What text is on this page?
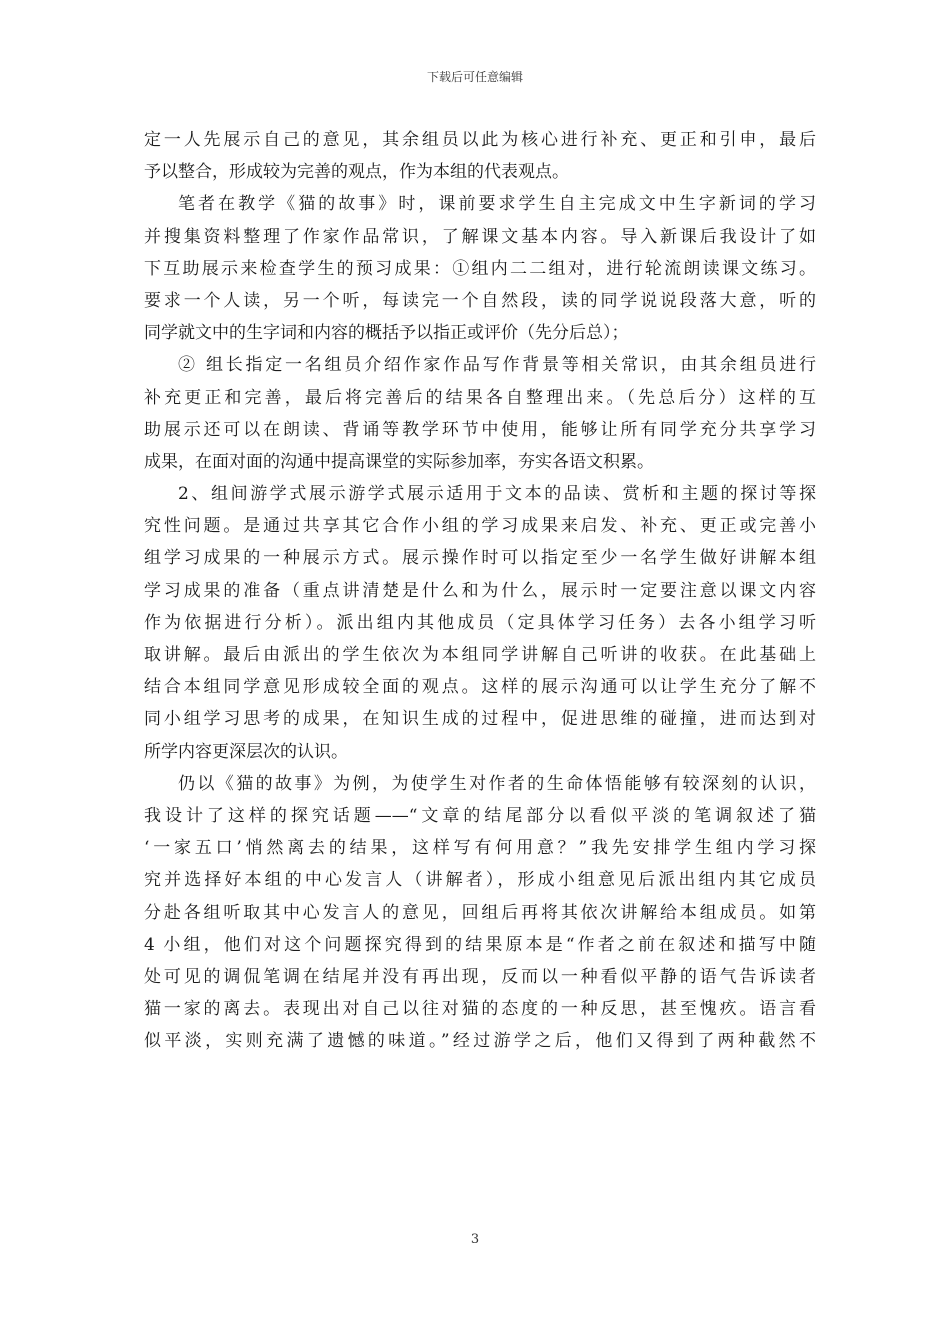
下载后可任意编辑
定一人先展示自己的意见，其余组员以此为核心进行补充、更正和引申，最后
予以整合，形成较为完善的观点，作为本组的代表观点。
笔者在教学《猫的故事》时，课前要求学生自主完成文中生字新词的学习
并搜集资料整理了作家作品常识，了解课文基本内容。导入新课后我设计了如
下互助展示来检查学生的预习成果：①组内二二组对，进行轮流朗读课文练习。
要求一个人读，另一个听，每读完一个自然段，读的同学说说段落大意，听的
同学就文中的生字词和内容的概括予以指正或评价（先分后总）；
② 组长指定一名组员介绍作家作品写作背景等相关常识，由其余组员进行
补充更正和完善，最后将完善后的结果各自整理出来。（先总后分）这样的互
助展示还可以在朗读、背诵等教学环节中使用，能够让所有同学充分共享学习
成果，在面对面的沟通中提高课堂的实际参加率，夯实各语文积累。
2、组间游学式展示游学式展示适用于文本的品读、赏析和主题的探讨等探
究性问题。是通过共享其它合作小组的学习成果来启发、补充、更正或完善小
组学习成果的一种展示方式。展示操作时可以指定至少一名学生做好讲解本组
学习成果的准备（重点讲清楚是什么和为什么，展示时一定要注意以课文内容
作为依据进行分析）。派出组内其他成员（定具体学习任务）去各小组学习听
取讲解。最后由派出的学生依次为本组同学讲解自己听讲的收获。在此基础上
结合本组同学意见形成较全面的观点。这样的展示沟通可以让学生充分了解不
同小组学习思考的成果，在知识生成的过程中，促进思维的碰撞，进而达到对
所学内容更深层次的认识。
仍以《猫的故事》为例，为使学生对作者的生命体悟能够有较深刻的认识，
我设计了这样的探究话题——“文章的结尾部分以看似平淡的笔调叙述了猫
‘一家五口’悄然离去的结果，这样写有何用意？”我先安排学生组内学习探
究并选择好本组的中心发言人（讲解者），形成小组意见后派出组内其它成员
分赴各组听取其中心发言人的意见，回组后再将其依次讲解给本组成员。如第
4 小组，他们对这个问题探究得到的结果原本是“作者之前在叙述和描写中随
处可见的调侃笔调在结尾并没有再出现，反而以一种看似平静的语气告诉读者
猫一家的离去。表现出对自己以往对猫的态度的一种反思，甚至愧疚。语言看
似平淡，实则充满了遗憾的味道。”经过游学之后，他们又得到了两种截然不
3
